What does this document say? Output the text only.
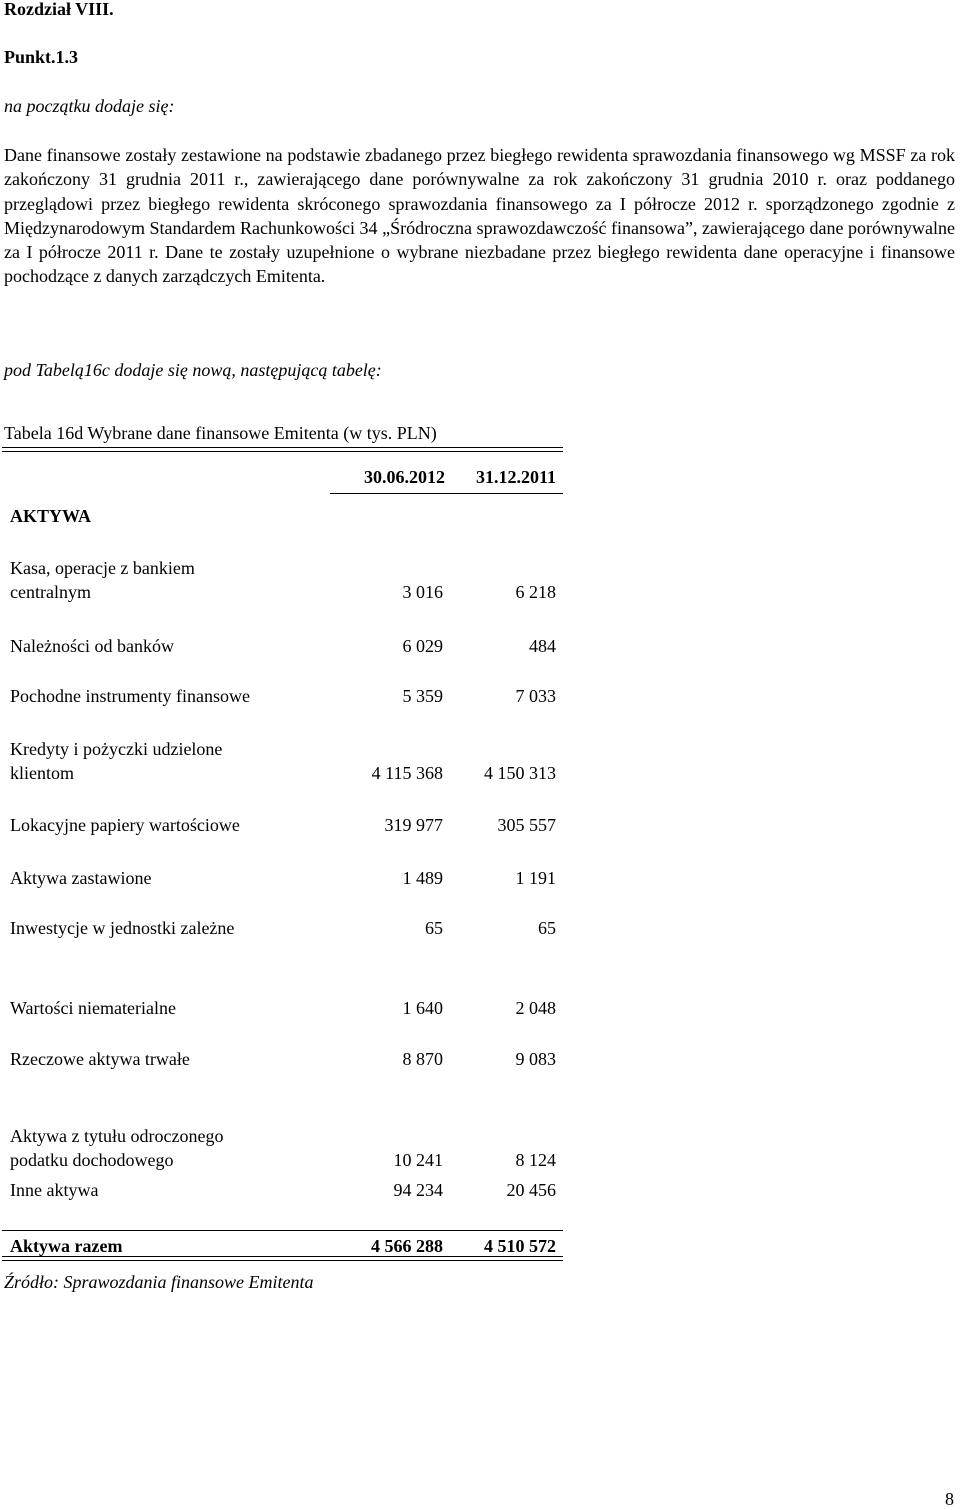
Rozdział VIII.
Punkt.1.3
na początku dodaje się:
Dane finansowe zostały zestawione na podstawie zbadanego przez biegłego rewidenta sprawozdania finansowego wg MSSF za rok zakończony 31 grudnia 2011 r., zawierającego dane porównywalne za rok zakończony 31 grudnia 2010 r. oraz poddanego przeglądowi przez biegłego rewidenta skróconego sprawozdania finansowego za I półrocze 2012 r. sporządzonego zgodnie z Międzynarodowym Standardem Rachunkowości 34 „Śródroczna sprawozdawczość finansowa”, zawierającego dane porównywalne za I półrocze 2011 r. Dane te zostały uzupełnione o wybrane niezbadane przez biegłego rewidenta dane operacyjne i finansowe pochodzące z danych zarządczych Emitenta.
pod Tabelą16c dodaje się nową, następującą tabelę:
Tabela 16d Wybrane dane finansowe Emitenta (w tys. PLN)
30.06.2012	31.12.2011
AKTYWA
Kasa, operacje z bankiem
centralnym	3 016	6 218
Należności od banków	6 029	484
Pochodne instrumenty finansowe	5 359	7 033
Kredyty i pożyczki udzielone
klientom	4 115 368	4 150 313
Lokacyjne papiery wartościowe	319 977	305 557
Aktywa zastawione	1 489	1 191
Inwestycje w jednostki zależne	65	65
Wartości niematerialne	1 640	2 048
Rzeczowe aktywa trwałe	8 870	9 083
Aktywa z tytułu odroczonego
podatku dochodowego	10 241	8 124
Inne aktywa	94 234	20 456
Aktywa razem	4 566 288	4 510 572
Źródło: Sprawozdania finansowe Emitenta
8
